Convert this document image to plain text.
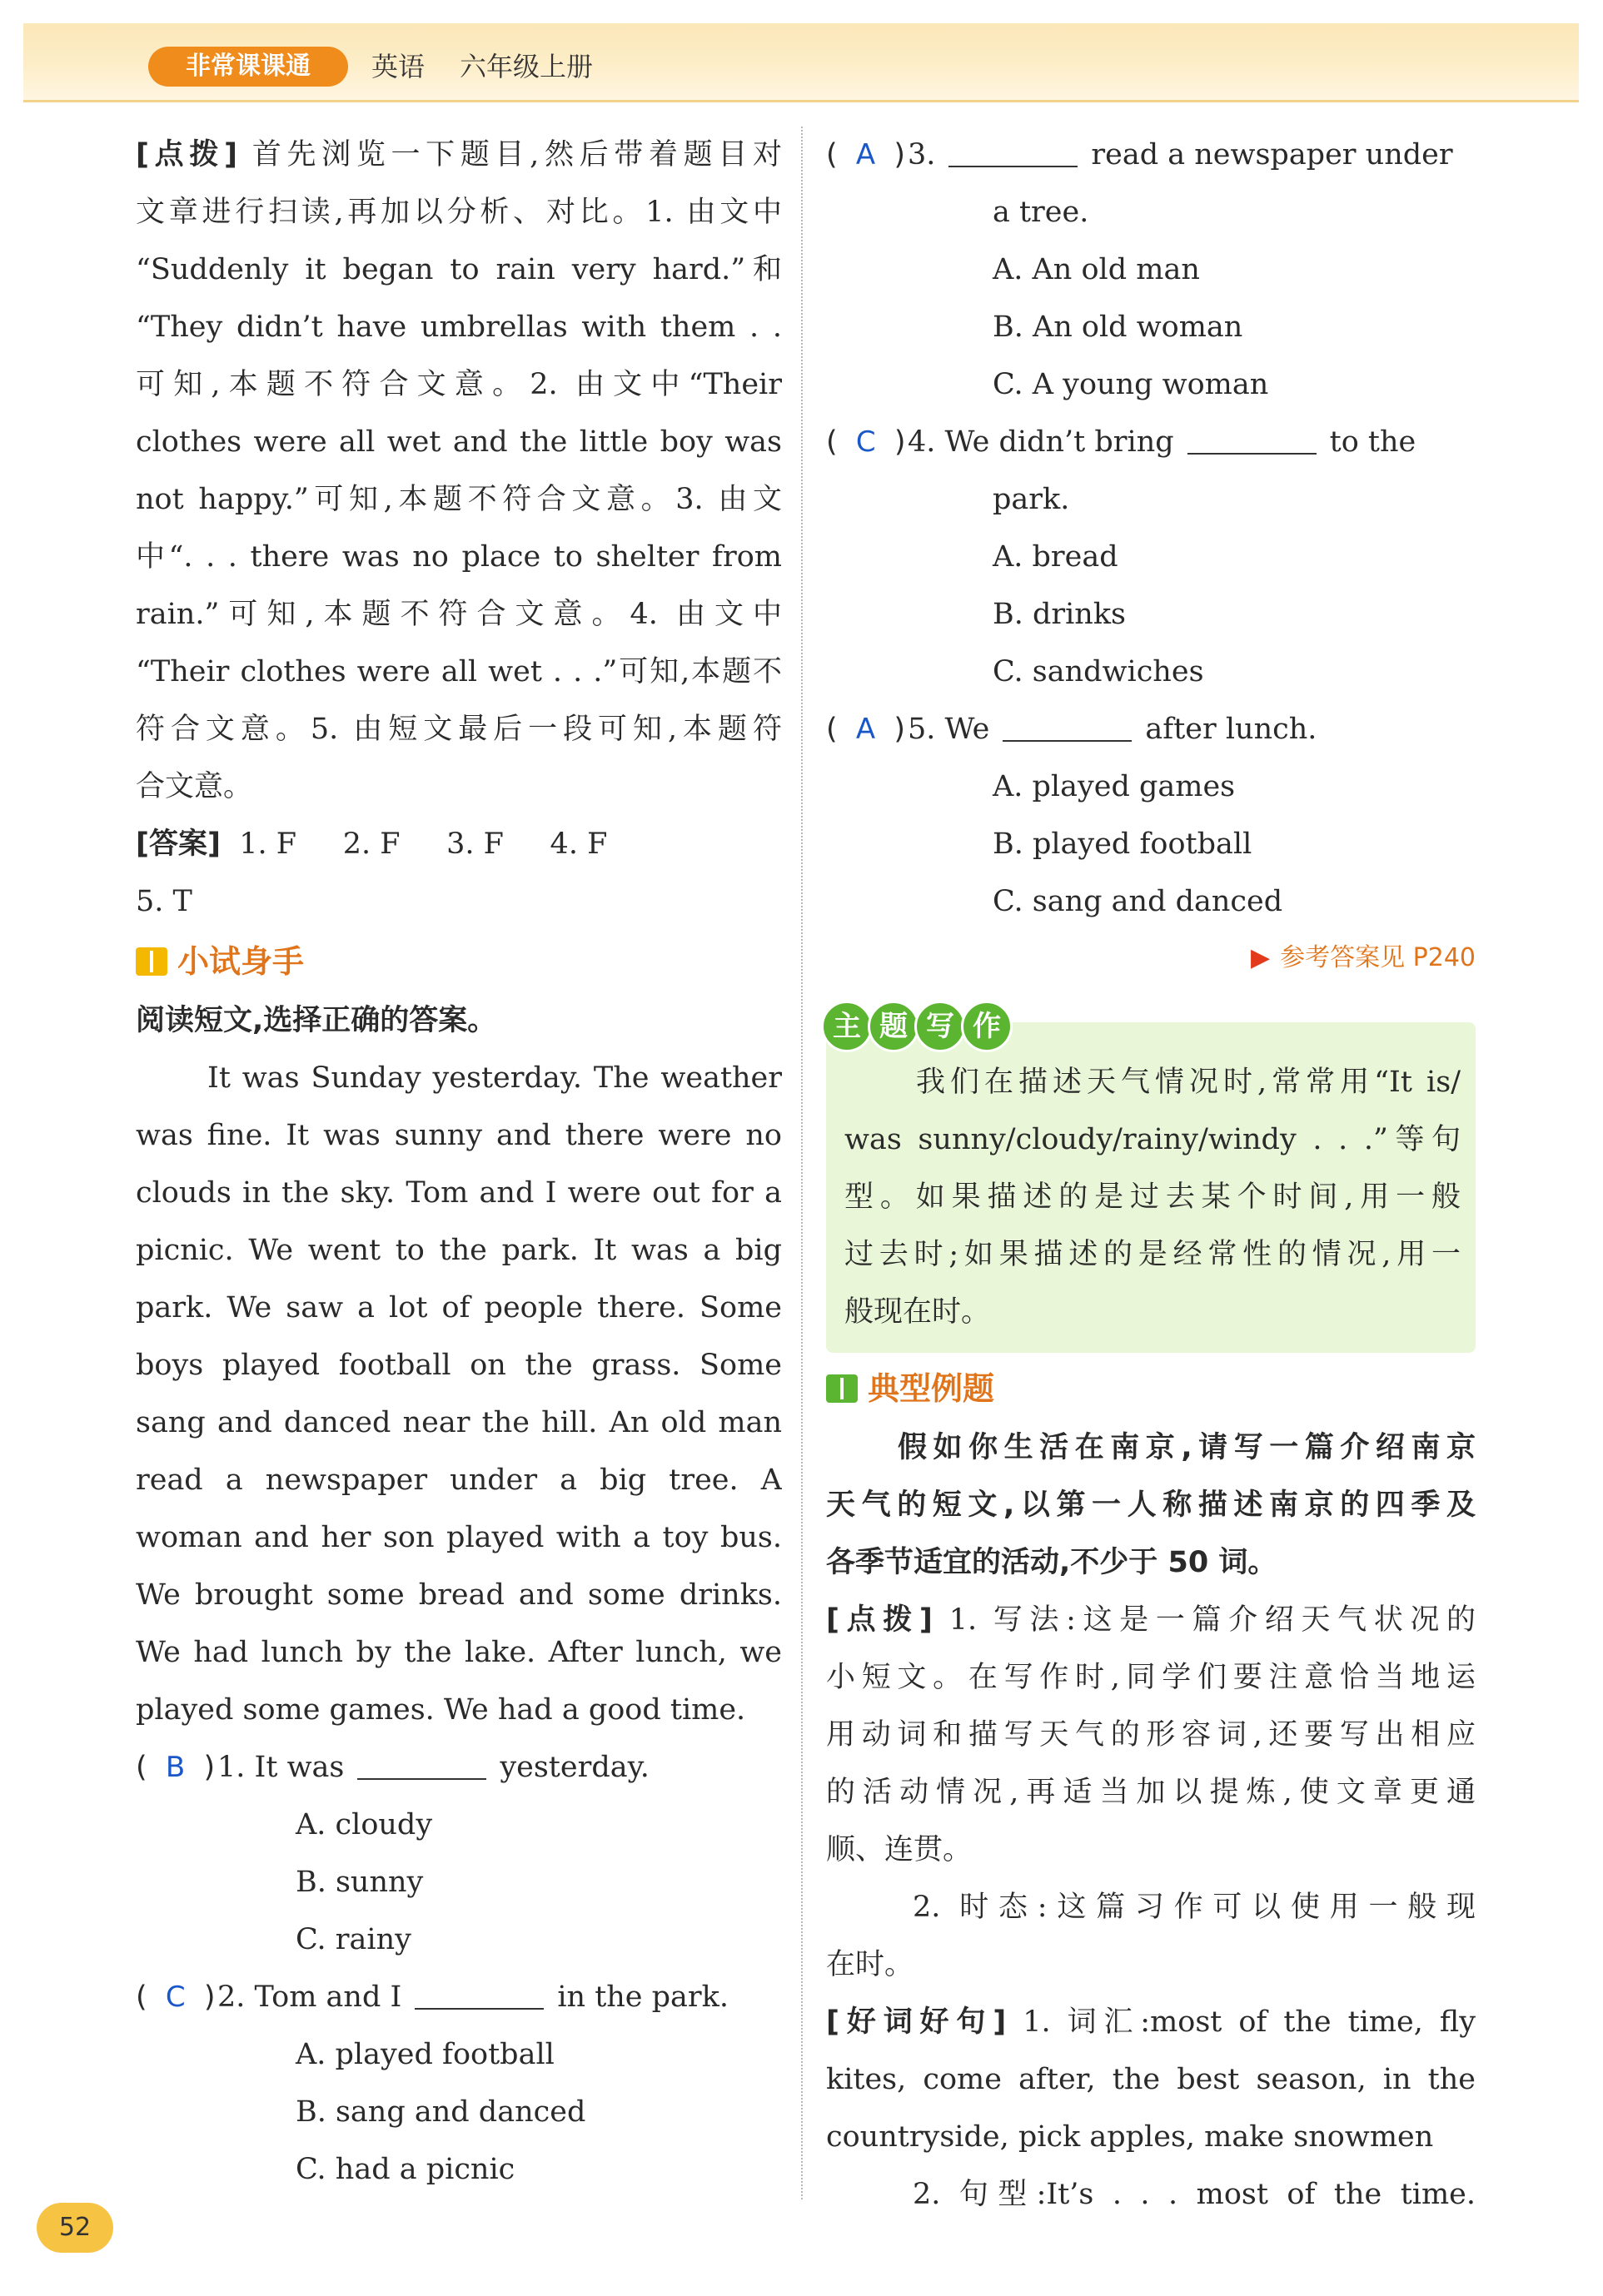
非常课课通	英语 六年级上册
[点拨] 首先浏览一下题目,然后带着题目对
文章进行扫读,再加以分析、对比。1. 由文中
“Suddenly it began to rain very hard.”和
“They didn’t have umbrellas with them . .
可知,本题不符合文意。2. 由文中“Their
clothes were all wet and the little boy was
not happy.”可知,本题不符合文意。3. 由文
中“. . . there was no place to shelter from
rain.”可知,本题不符合文意。4. 由文中
“Their clothes were all wet . . .”可知,本题不
符合文意。5. 由短文最后一段可知,本题符
合文意。
[答案] 1. F     2. F     3. F     4. F
5. T
小试身手
阅读短文,选择正确的答案。
It was Sunday yesterday. The weather
was fine. It was sunny and there were no
clouds in the sky. Tom and I were out for a
picnic. We went to the park. It was a big
park. We saw a lot of people there. Some
boys played football on the grass. Some
sang and danced near the hill. An old man
read a newspaper under a big tree. A
woman and her son played with a toy bus.
We brought some bread and some drinks.
We had lunch by the lake. After lunch, we
played some games. We had a good time.
(  B  )1. It was	yesterday.
A. cloudy
B. sunny
C. rainy
(  C  )2. Tom and I	in the park.
A. played football
B. sang and danced
C. had a picnic
(  A  )3.	read a newspaper under
a tree.
A. An old man
B. An old woman
C. A young woman
(  C  )4. We didn’t bring	to the
park.
A. bread
B. drinks
C. sandwiches
(  A  )5. We	after lunch.
A. played games
B. played football
C. sang and danced
▶ 参考答案见 P240
主 题 写 作
我们在描述天气情况时,常常用“It is/
was sunny/cloudy/rainy/windy . . .”等句
型。如果描述的是过去某个时间,用一般
过去时;如果描述的是经常性的情况,用一
般现在时。
典型例题
假如你生活在南京,请写一篇介绍南京
天气的短文,以第一人称描述南京的四季及
各季节适宜的活动,不少于 50 词。
[点拨] 1. 写法:这是一篇介绍天气状况的
小短文。在写作时,同学们要注意恰当地运
用动词和描写天气的形容词,还要写出相应
的活动情况,再适当加以提炼,使文章更通
顺、连贯。
2. 时态:这篇习作可以使用一般现
在时。
[好词好句] 1. 词汇:most of the time, fly
kites, come after, the best season, in the
countryside, pick apples, make snowmen
2. 句型:It’s . . . most of the time.
52
